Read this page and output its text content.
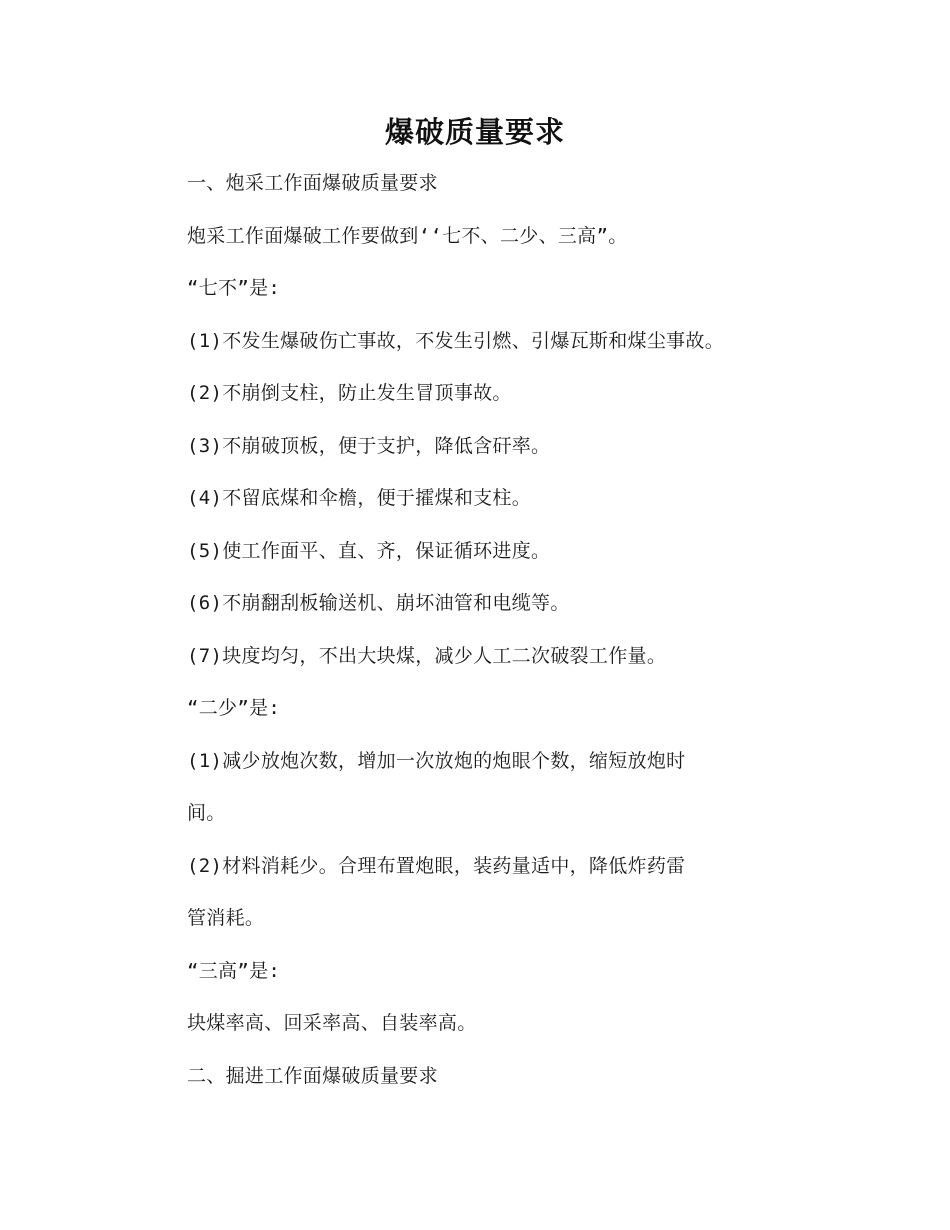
爆破质量要求
一、炮采工作面爆破质量要求
炮采工作面爆破工作要做到‘‘七不、二少、三高”。
“七不”是:
(1)不发生爆破伤亡事故，不发生引燃、引爆瓦斯和煤尘事故。
(2)不崩倒支柱，防止发生冒顶事故。
(3)不崩破顶板，便于支护，降低含矸率。
(4)不留底煤和伞檐，便于攉煤和支柱。
(5)使工作面平、直、齐，保证循环进度。
(6)不崩翻刮板输送机、崩坏油管和电缆等。
(7)块度均匀，不出大块煤，减少人工二次破裂工作量。
“二少”是:
(1)减少放炮次数，增加一次放炮的炮眼个数，缩短放炮时
间。
(2)材料消耗少。合理布置炮眼，装药量适中，降低炸药雷
管消耗。
“三高”是:
块煤率高、回采率高、自装率高。
二、掘进工作面爆破质量要求
